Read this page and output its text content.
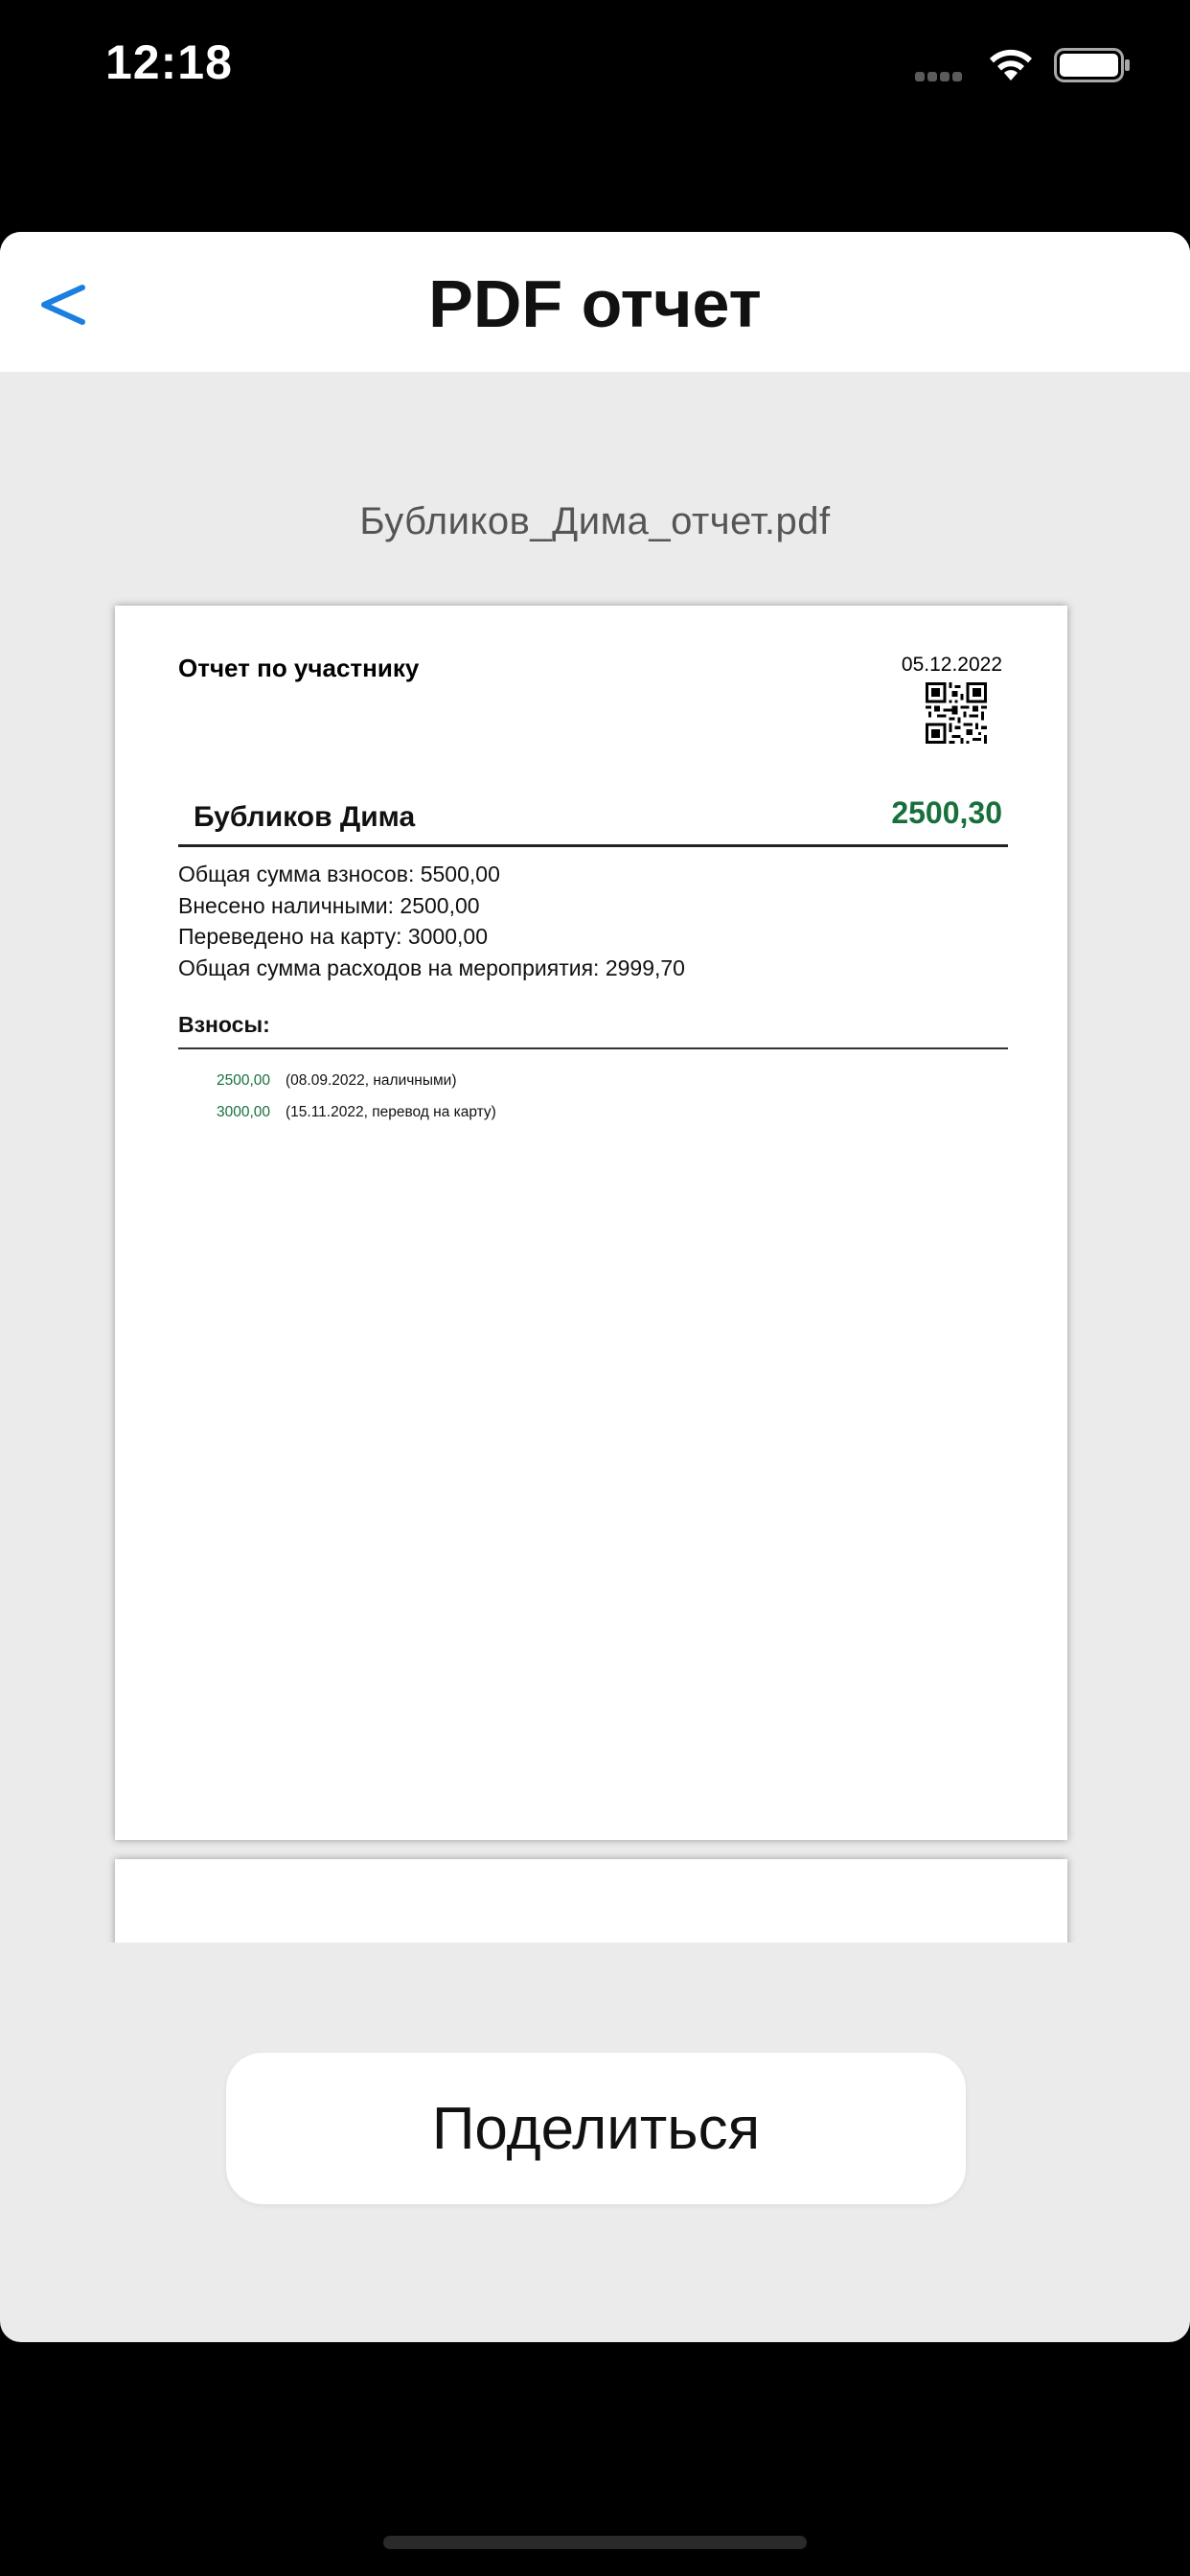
12:18
PDF отчет
Бубликов_Дима_отчет.pdf
Отчет по участнику	05.12.2022
Бубликов Дима	2500,30
Общая сумма взносов: 5500,00
Внесено наличными: 2500,00
Переведено на карту: 3000,00
Общая сумма расходов на мероприятия: 2999,70
Взносы:
2500,00 (08.09.2022, наличными)
3000,00 (15.11.2022, перевод на карту)
Поделиться
